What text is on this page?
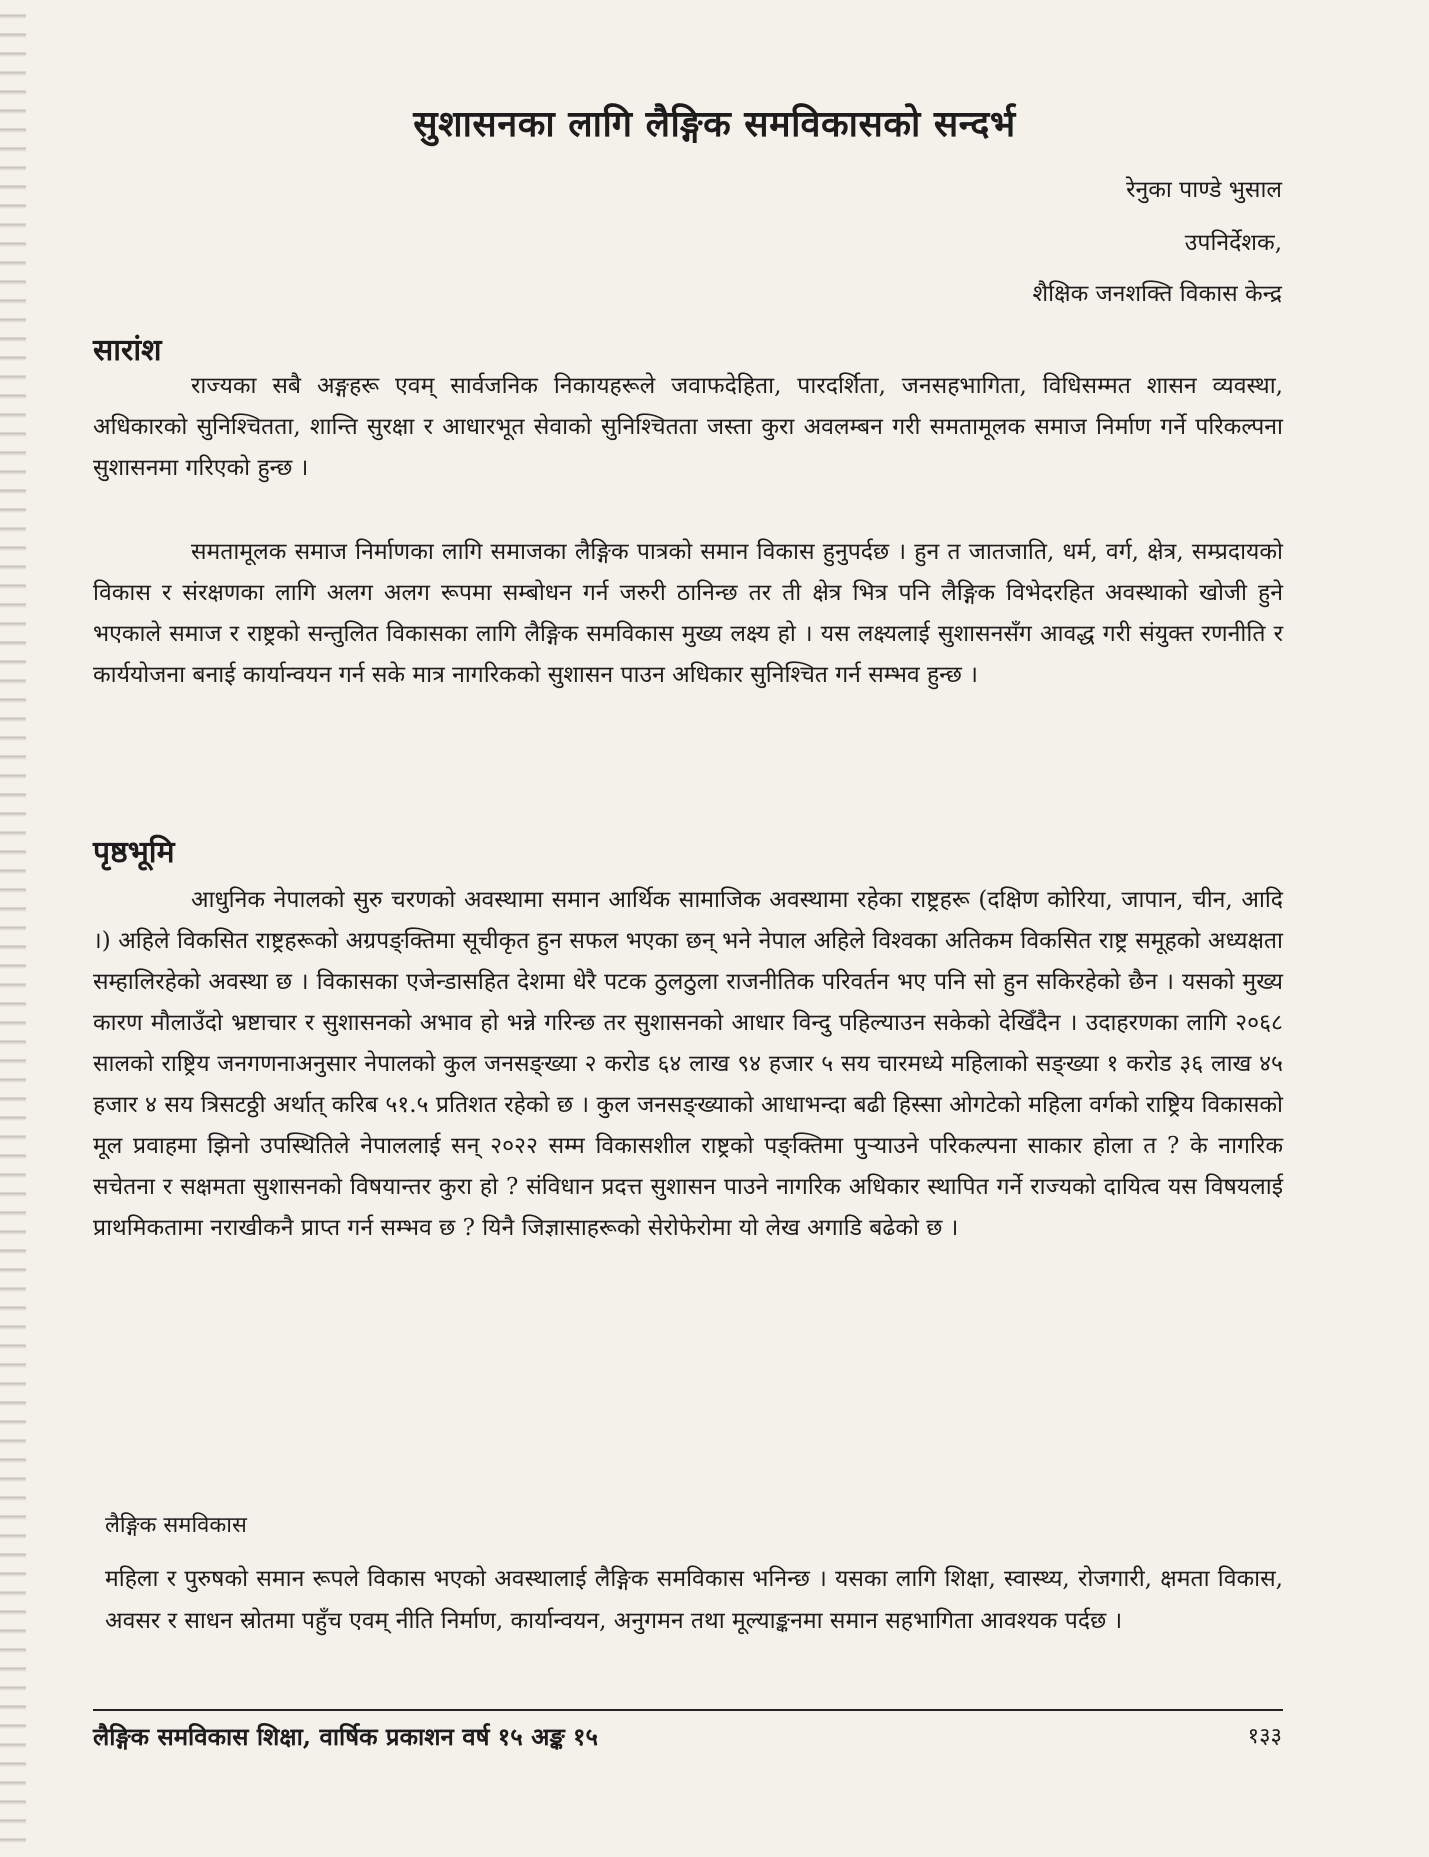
सुशासनका लागि लैङ्गिक समविकासको सन्दर्भ
रेनुका पाण्डे भुसाल
उपनिर्देशक,
शैक्षिक जनशक्ति विकास केन्द्र
सारांश

राज्यका सबै अङ्गहरू एवम् सार्वजनिक निकायहरूले जवाफदेहिता, पारदर्शिता, जनसहभागिता, विधिसम्मत शासन व्यवस्था, अधिकारको सुनिश्चितता, शान्ति सुरक्षा र आधारभूत सेवाको सुनिश्चितता जस्ता कुरा अवलम्बन गरी समतामूलक समाज निर्माण गर्ने परिकल्पना सुशासनमा गरिएको हुन्छ ।

समतामूलक समाज निर्माणका लागि समाजका लैङ्गिक पात्रको समान विकास हुनुपर्दछ । हुन त जातजाति, धर्म, वर्ग, क्षेत्र, सम्प्रदायको विकास र संरक्षणका लागि अलग अलग रूपमा सम्बोधन गर्न जरुरी ठानिन्छ तर ती क्षेत्र भित्र पनि लैङ्गिक विभेदरहित अवस्थाको खोजी हुने भएकाले समाज र राष्ट्रको सन्तुलित विकासका लागि लैङ्गिक समविकास मुख्य लक्ष्य हो । यस लक्ष्यलाई सुशासनसँग आवद्ध गरी संयुक्त रणनीति र कार्ययोजना बनाई कार्यान्वयन गर्न सके मात्र नागरिकको सुशासन पाउन अधिकार सुनिश्चित गर्न सम्भव हुन्छ ।

पृष्ठभूमि

आधुनिक नेपालको सुरु चरणको अवस्थामा समान आर्थिक सामाजिक अवस्थामा रहेका राष्ट्रहरू (दक्षिण कोरिया, जापान, चीन, आदि ।) अहिले विकसित राष्ट्रहरूको अग्रपङ्क्तिमा सूचीकृत हुन सफल भएका छन् भने नेपाल अहिले विश्वका अतिकम विकसित राष्ट्र समूहको अध्यक्षता सम्हालिरहेको अवस्था छ । विकासका एजेन्डासहित देशमा धेरै पटक ठुलठुला राजनीतिक परिवर्तन भए पनि सो हुन सकिरहेको छैन । यसको मुख्य कारण मौलाउँदो भ्रष्टाचार र सुशासनको अभाव हो भन्ने गरिन्छ तर सुशासनको आधार विन्दु पहिल्याउन सकेको देखिँदैन । उदाहरणका लागि २०६८ सालको राष्ट्रिय जनगणनाअनुसार नेपालको कुल जनसङ्ख्या २ करोड ६४ लाख ९४ हजार ५ सय चारमध्ये महिलाको सङ्ख्या १ करोड ३६ लाख ४५ हजार ४ सय त्रिसटठ्ठी अर्थात् करिब ५१.५ प्रतिशत रहेको छ । कुल जनसङ्ख्याको आधाभन्दा बढी हिस्सा ओगटेको महिला वर्गको राष्ट्रिय विकासको मूल प्रवाहमा झिनो उपस्थितिले नेपाललाई सन् २०२२ सम्म विकासशील राष्ट्रको पङ्क्तिमा पुऱ्याउने परिकल्पना साकार होला त ? के नागरिक सचेतना र सक्षमता सुशासनको विषयान्तर कुरा हो ? संविधान प्रदत्त सुशासन पाउने नागरिक अधिकार स्थापित गर्ने राज्यको दायित्व यस विषयलाई प्राथमिकतामा नराखीकनै प्राप्त गर्न सम्भव छ ? यिनै जिज्ञासाहरूको सेरोफेरोमा यो लेख अगाडि बढेको छ ।

लैङ्गिक समविकास

महिला र पुरुषको समान रूपले विकास भएको अवस्थालाई लैङ्गिक समविकास भनिन्छ । यसका लागि शिक्षा, स्वास्थ्य, रोजगारी, क्षमता विकास, अवसर र साधन स्रोतमा पहुँच एवम् नीति निर्माण, कार्यान्वयन, अनुगमन तथा मूल्याङ्कनमा समान सहभागिता आवश्यक पर्दछ ।

लैङ्गिक समविकास शिक्षा, वार्षिक प्रकाशन वर्ष १५ अङ्क १५	१३३
